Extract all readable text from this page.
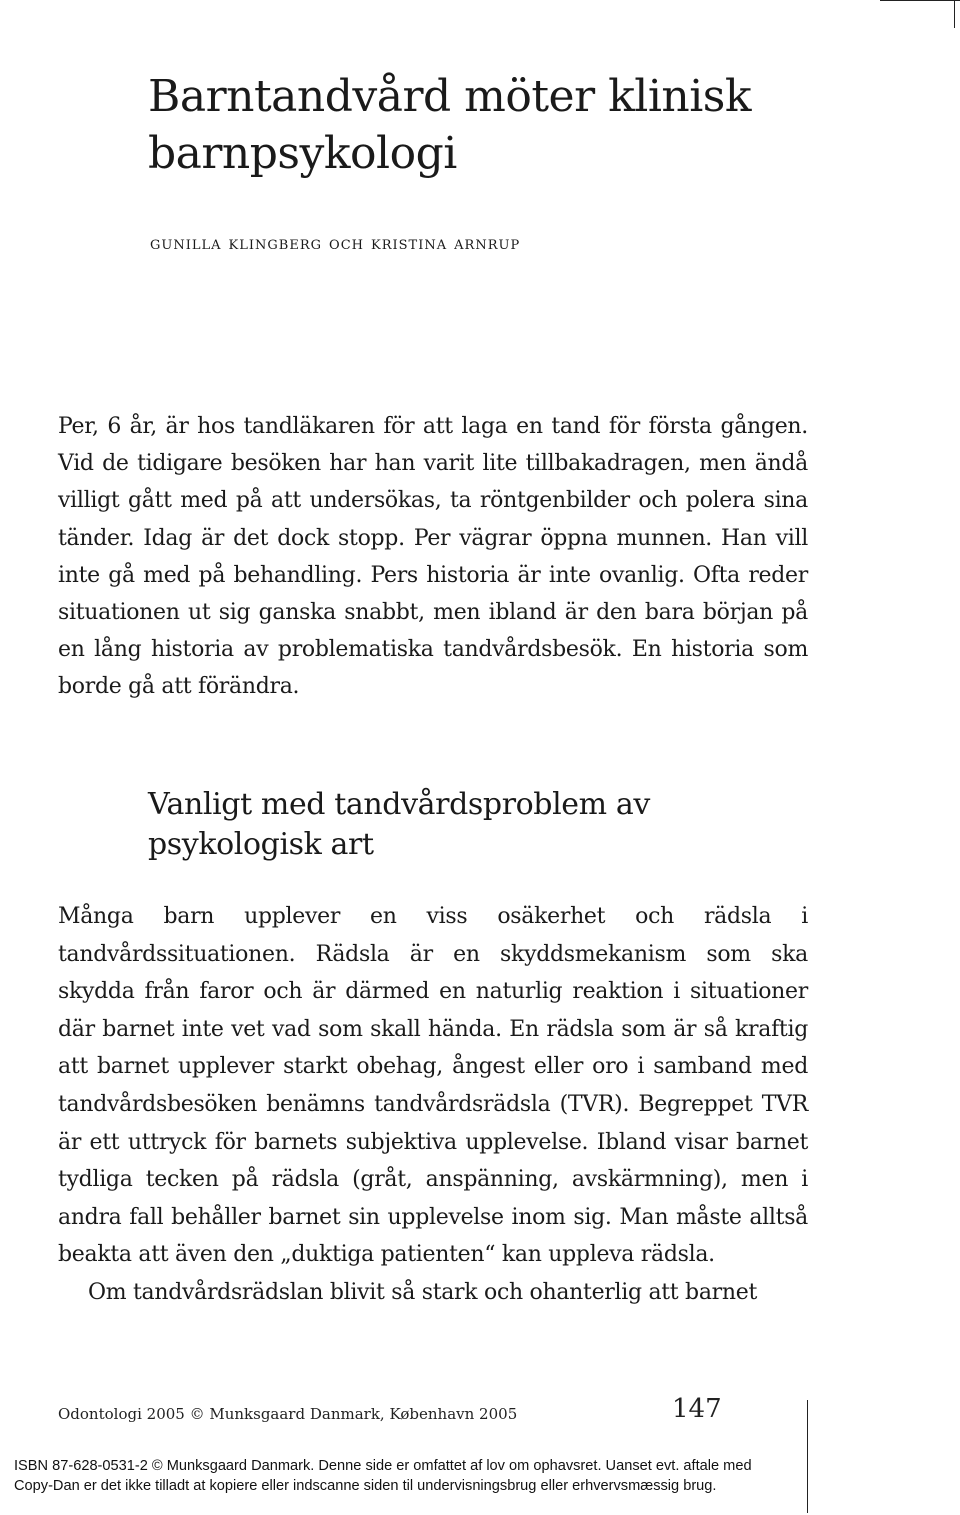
Barntandvård möter klinisk barnpsykologi
gunilla klingberg och kristina arnrup

Per, 6 år, är hos tandläkaren för att laga en tand för första gången. Vid de tidigare besöken har han varit lite tillbakadragen, men ändå villigt gått med på att undersökas, ta röntgenbilder och polera sina tänder. Idag är det dock stopp. Per vägrar öppna munnen. Han vill inte gå med på behandling. Pers historia är inte ovanlig. Ofta reder situationen ut sig ganska snabbt, men ibland är den bara början på en lång historia av problematiska tandvårdsbesök. En historia som borde gå att förändra.

Vanligt med tandvårdsproblem av psykologisk art

Många barn upplever en viss osäkerhet och rädsla i tandvårdssituationen. Rädsla är en skyddsmekanism som ska skydda från faror och är därmed en naturlig reaktion i situationer där barnet inte vet vad som skall hända. En rädsla som är så kraftig att barnet upplever starkt obehag, ångest eller oro i samband med tandvårdsbesöken benämns tandvårdsrädsla (TVR). Begreppet TVR är ett uttryck för barnets subjektiva upplevelse. Ibland visar barnet tydliga tecken på rädsla (gråt, anspänning, avskärmning), men i andra fall behåller barnet sin upplevelse inom sig. Man måste alltså beakta att även den „duktiga patienten“ kan uppleva rädsla.

Om tandvårdsrädslan blivit så stark och ohanterlig att barnet

Odontologi 2005 © Munksgaard Danmark, København 2005	147
ISBN 87-628-0531-2 © Munksgaard Danmark. Denne side er omfattet af lov om ophavsret. Uanset evt. aftale med
Copy-Dan er det ikke tilladt at kopiere eller indscanne siden til undervisningsbrug eller erhvervsmæssig brug.
